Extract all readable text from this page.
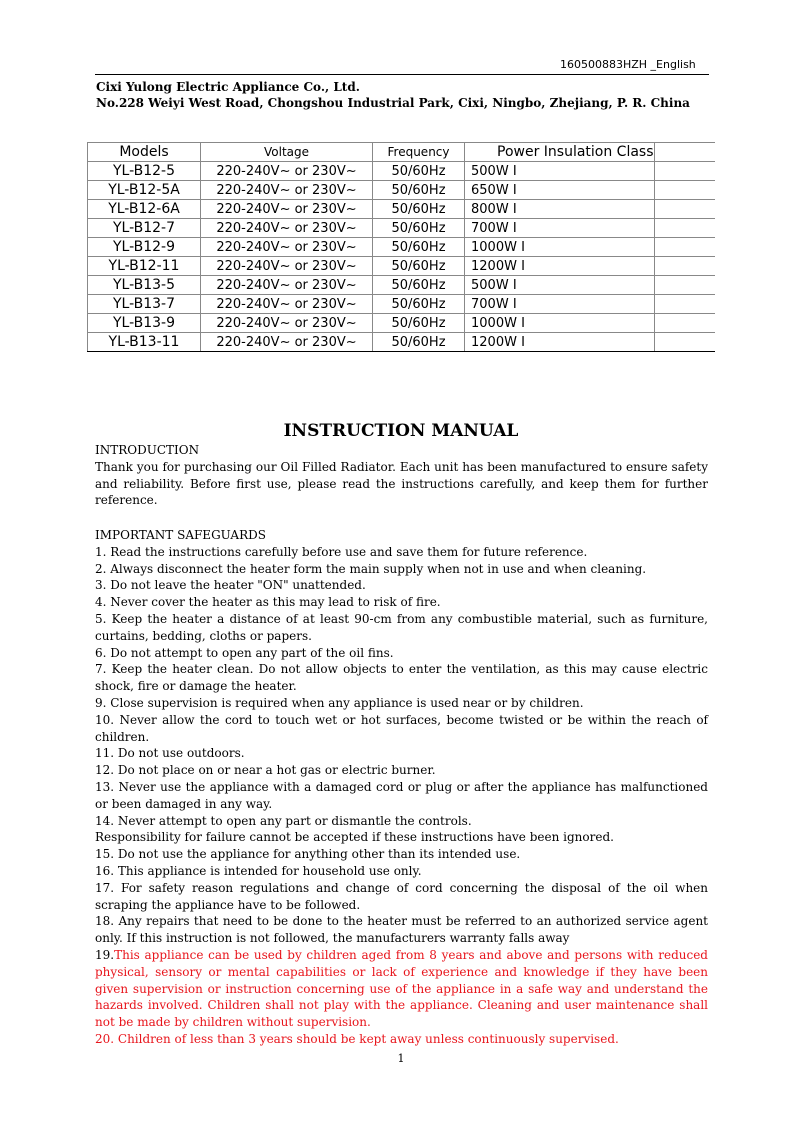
160500883HZH _English
Cixi Yulong Electric Appliance Co., Ltd.
No.228 Weiyi West Road, Chongshou Industrial Park, Cixi, Ningbo, Zhejiang, P. R. China
Models	Voltage	Frequency	Power Insulation Class	
YL-B12-5	220-240V~ or 230V~	50/60Hz	500W I	
YL-B12-5A	220-240V~ or 230V~	50/60Hz	650W I	
YL-B12-6A	220-240V~ or 230V~	50/60Hz	800W I	
YL-B12-7	220-240V~ or 230V~	50/60Hz	700W I	
YL-B12-9	220-240V~ or 230V~	50/60Hz	1000W I	
YL-B12-11	220-240V~ or 230V~	50/60Hz	1200W I	
YL-B13-5	220-240V~ or 230V~	50/60Hz	500W I	
YL-B13-7	220-240V~ or 230V~	50/60Hz	700W I	
YL-B13-9	220-240V~ or 230V~	50/60Hz	1000W I	
YL-B13-11	220-240V~ or 230V~	50/60Hz	1200W I	
INSTRUCTION MANUAL

INTRODUCTION

Thank you for purchasing our Oil Filled Radiator. Each unit has been manufactured to ensure safety and reliability. Before first use, please read the instructions carefully, and keep them for further reference.

IMPORTANT SAFEGUARDS

1. Read the instructions carefully before use and save them for future reference.

2. Always disconnect the heater form the main supply when not in use and when cleaning.

3. Do not leave the heater "ON" unattended.

4. Never cover the heater as this may lead to risk of fire.

5. Keep the heater a distance of at least 90-cm from any combustible material, such as furniture, curtains, bedding, cloths or papers.

6. Do not attempt to open any part of the oil fins.

7. Keep the heater clean. Do not allow objects to enter the ventilation, as this may cause electric shock, fire or damage the heater.

9. Close supervision is required when any appliance is used near or by children.

10. Never allow the cord to touch wet or hot surfaces, become twisted or be within the reach of children.

11. Do not use outdoors.

12. Do not place on or near a hot gas or electric burner.

13. Never use the appliance with a damaged cord or plug or after the appliance has malfunctioned or been damaged in any way.

14. Never attempt to open any part or dismantle the controls.

Responsibility for failure cannot be accepted if these instructions have been ignored.

15. Do not use the appliance for anything other than its intended use.

16. This appliance is intended for household use only.

17. For safety reason regulations and change of cord concerning the disposal of the oil when scraping the appliance have to be followed.

18. Any repairs that need to be done to the heater must be referred to an authorized service agent only. If this instruction is not followed, the manufacturers warranty falls away

19.This appliance can be used by children aged from 8 years and above and persons with reduced physical, sensory or mental capabilities or lack of experience and knowledge if they have been given supervision or instruction concerning use of the appliance in a safe way and understand the hazards involved. Children shall not play with the appliance. Cleaning and user maintenance shall not be made by children without supervision.

20. Children of less than 3 years should be kept away unless continuously supervised.

1
